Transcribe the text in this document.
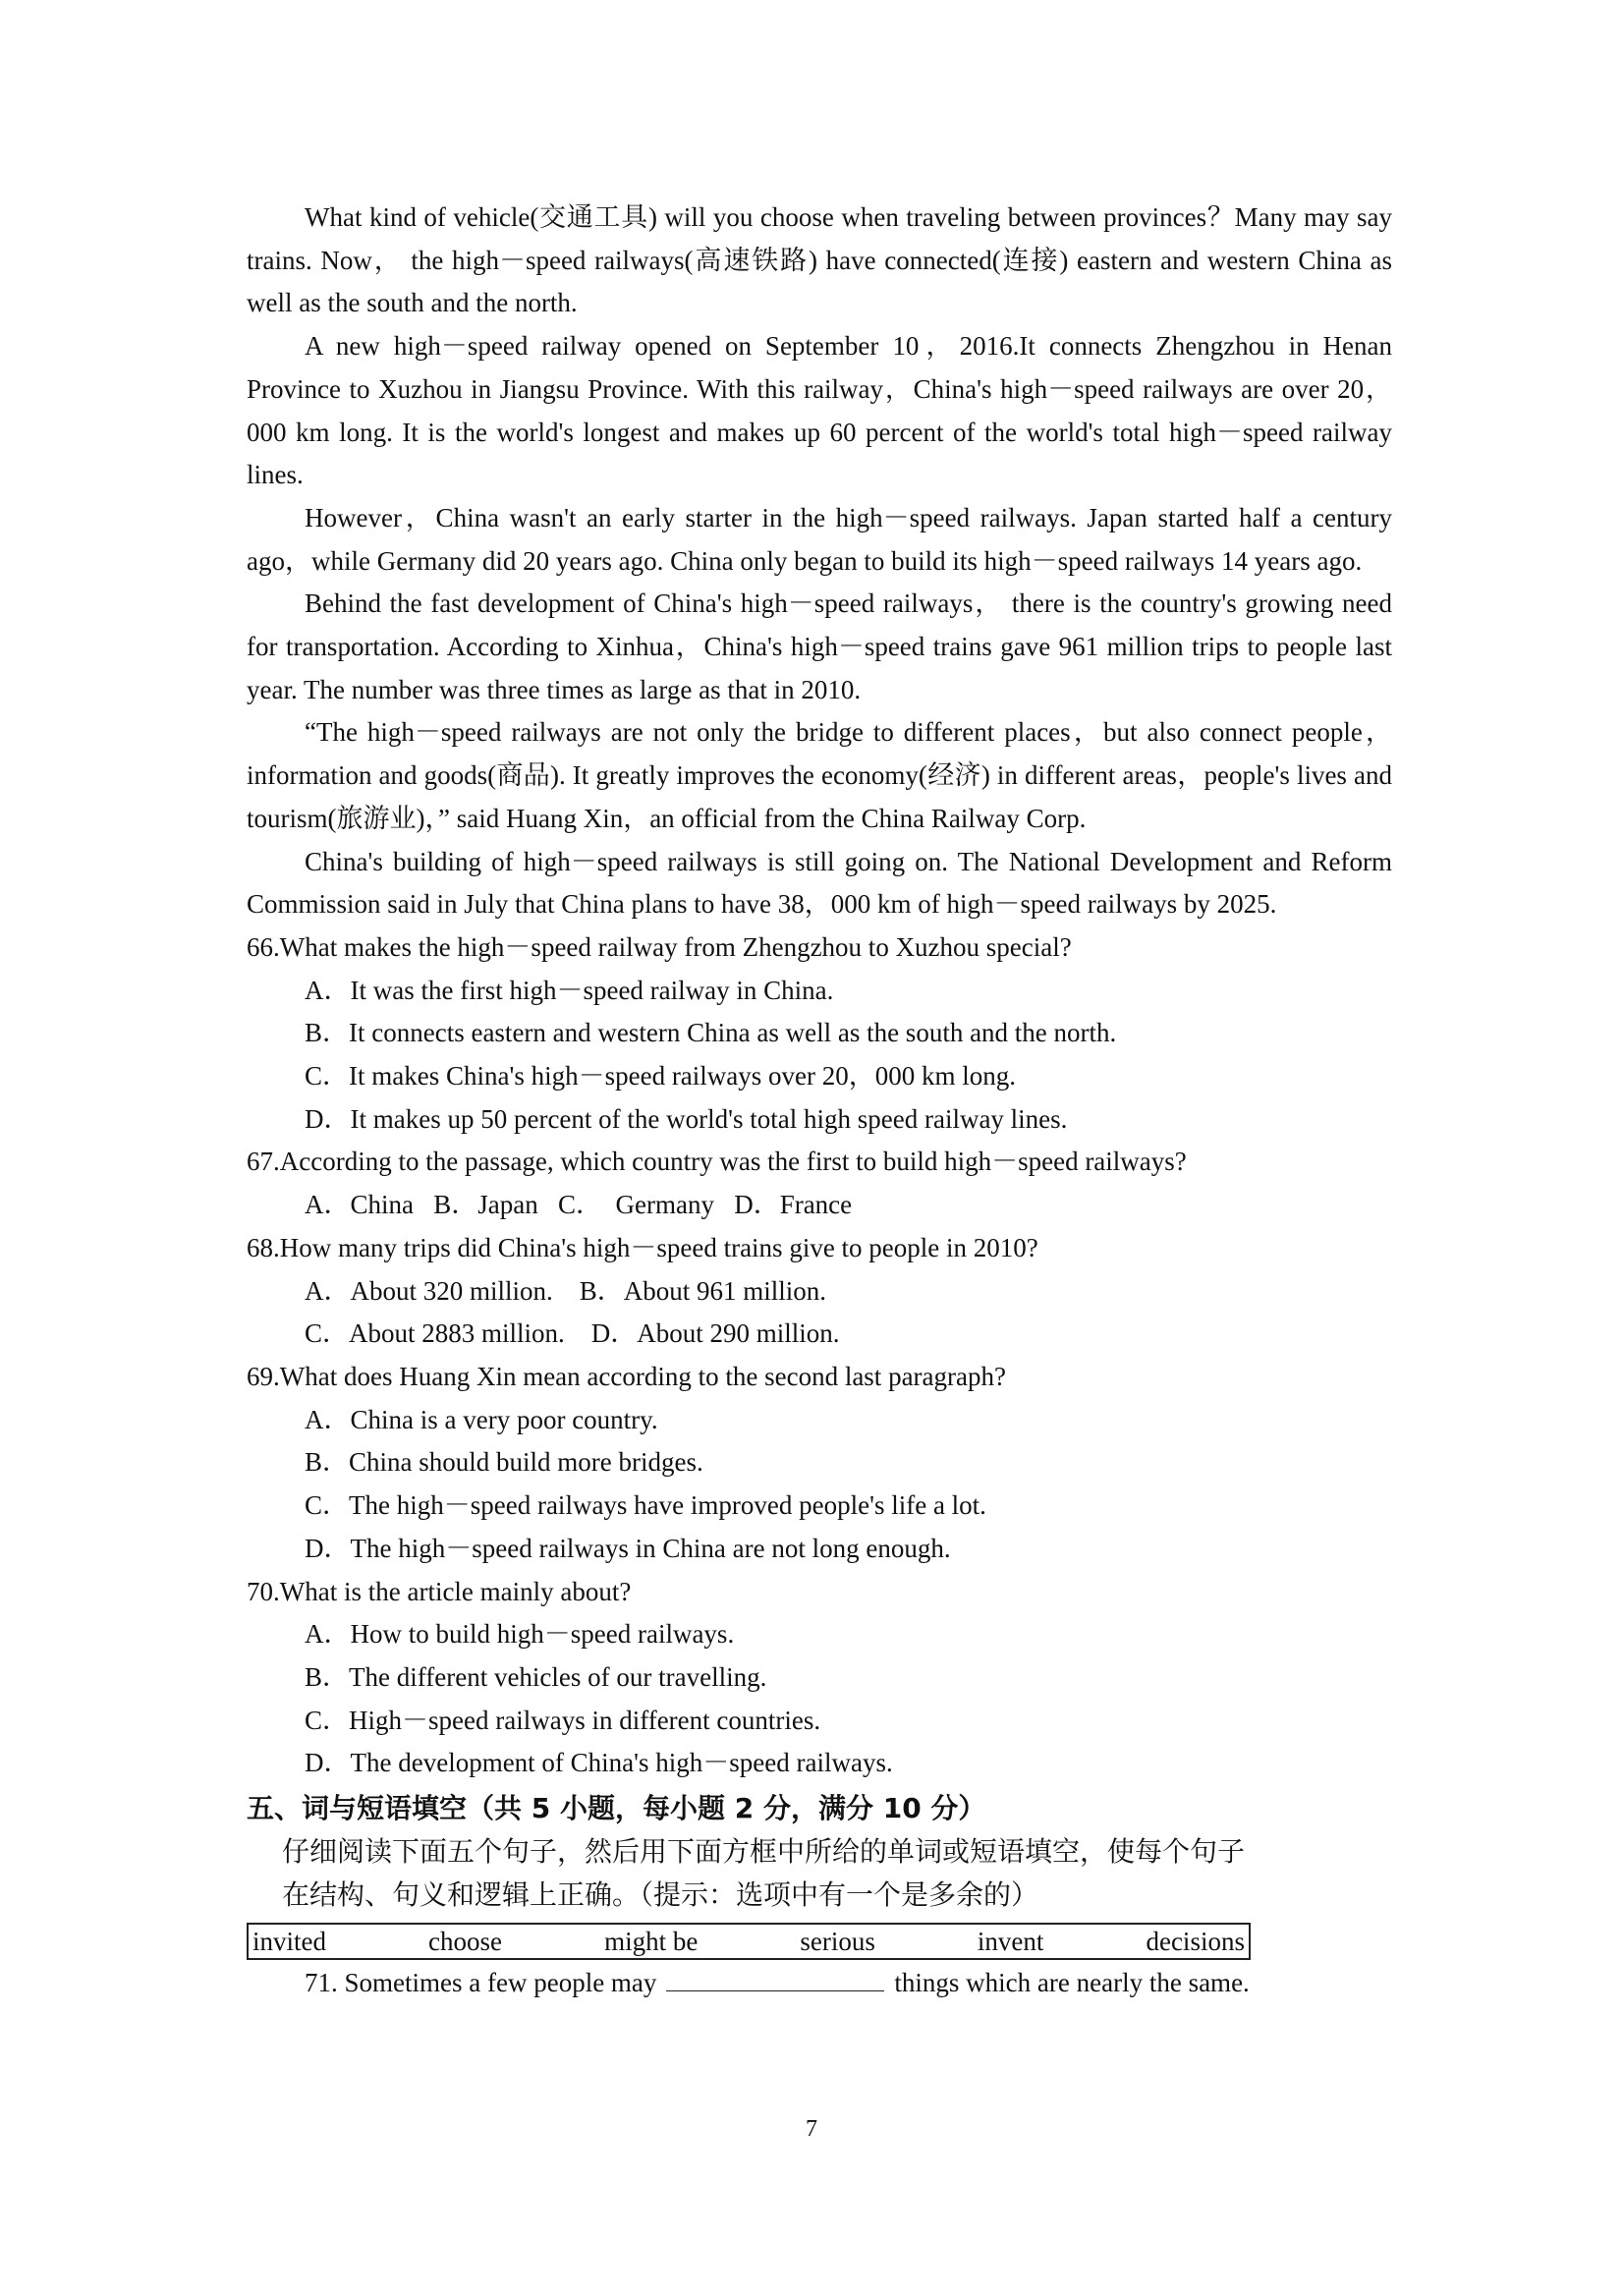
What kind of vehicle(交通工具) will you choose when traveling between provinces？Many may say trains. Now， the high－speed railways(高速铁路) have connected(连接) eastern and western China as well as the south and the north.

A new high－speed railway opened on September 10，2016.It connects Zhengzhou in Henan Province to Xuzhou in Jiangsu Province. With this railway，China's high－speed railways are over 20，000 km long. It is the world's longest and makes up 60 percent of the world's total high－speed railway lines.

However，China wasn't an early starter in the high－speed railways. Japan started half a century ago，while Germany did 20 years ago. China only began to build its high－speed railways 14 years ago.

Behind the fast development of China's high－speed railways， there is the country's growing need for transportation. According to Xinhua，China's high－speed trains gave 961 million trips to people last year. The number was three times as large as that in 2010.

“The high－speed railways are not only the bridge to different places，but also connect people，information and goods(商品). It greatly improves the economy(经济) in different areas，people's lives and tourism(旅游业)，” said Huang Xin，an official from the China Railway Corp.

China's building of high－speed railways is still going on. The National Development and Reform Commission said in July that China plans to have 38，000 km of high－speed railways by 2025.

66.What makes the high－speed railway from Zhengzhou to Xuzhou special?

A．It was the first high－speed railway in China.

B．It connects eastern and western China as well as the south and the north.

C．It makes China's high－speed railways over 20，000 km long.

D．It makes up 50 percent of the world's total high speed railway lines.

67.According to the passage, which country was the first to build high－speed railways?

A．China   B．Japan   C．  Germany   D．France

68.How many trips did China's high－speed trains give to people in 2010?

A．About 320 million.    B．About 961 million.

C．About 2883 million.    D．About 290 million.

69.What does Huang Xin mean according to the second last paragraph?

A．China is a very poor country.

B．China should build more bridges.

C．The high－speed railways have improved people's life a lot.

D．The high－speed railways in China are not long enough.

70.What is the article mainly about?

A．How to build high－speed railways.

B．The different vehicles of our travelling.

C．High－speed railways in different countries.

D．The development of China's high－speed railways.

五、词与短语填空（共 5 小题，每小题 2 分，满分 10 分）

仔细阅读下面五个句子，然后用下面方框中所给的单词或短语填空，使每个句子

在结构、句义和逻辑上正确。（提示：选项中有一个是多余的）

invited	choose	might be	serious	invent	decisions

71. Sometimes a few people may	things which are nearly the same.

7
